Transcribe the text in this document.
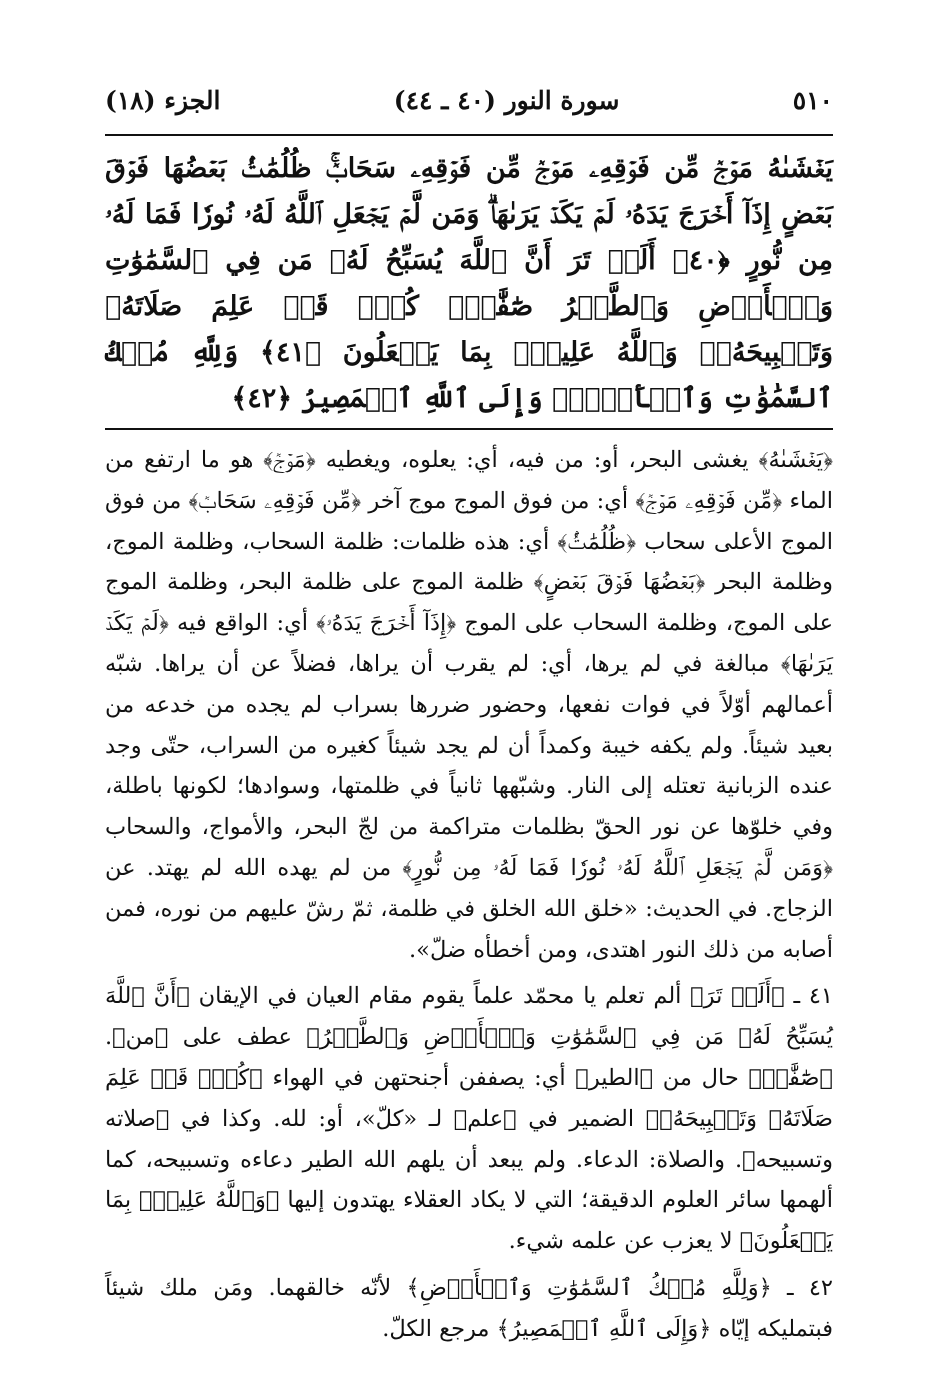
٥١٠
سورة النور (٤٠ ـ ٤٤)
الجزء (١٨)
يَغۡشَىٰهُ مَوۡجٞ مِّن فَوۡقِهِۦ مَوۡجٞ مِّن فَوۡقِهِۦ سَحَابٞۚ ظُلُمَٰتُۢ بَعۡضُهَا فَوۡقَ بَعۡضٍ إِذَآ أَخۡرَجَ يَدَهُۥ لَمۡ يَكَدۡ يَرَىٰهَاۗ وَمَن لَّمۡ يَجۡعَلِ ٱللَّهُ لَهُۥ نُورٗا فَمَا لَهُۥ مِن نُّورٍ ﴿٤٠﴾ أَلَمۡ تَرَ أَنَّ ٱللَّهَ يُسَبِّحُ لَهُۥ مَن فِي ٱلسَّمَٰوَٰتِ وَٱلۡأَرۡضِ وَٱلطَّيۡرُ صَٰٓفَّٰتٖۖ كُلّٞ قَدۡ عَلِمَ صَلَاتَهُۥ وَتَسۡبِيحَهُۥۗ وَٱللَّهُ عَلِيمُۢ بِمَا يَفۡعَلُونَ ﴿٤١﴾ وَلِلَّهِ مُلۡكُ ٱلسَّمَٰوَٰتِ وَٱلۡأَرۡضِۖ وَإِلَى ٱللَّهِ ٱلۡمَصِيرُ ﴿٤٢﴾

﴿يَغۡشَىٰهُ﴾ يغشى البحر، أو: من فيه، أي: يعلوه، ويغطيه ﴿مَوۡجٞ﴾ هو ما ارتفع من الماء ﴿مِّن فَوۡقِهِۦ مَوۡجٞ﴾ أي: من فوق الموج موج آخر ﴿مِّن فَوۡقِهِۦ سَحَابٞ﴾ من فوق الموج الأعلى سحاب ﴿ظُلُمَٰتُۢ﴾ أي: هذه ظلمات: ظلمة السحاب، وظلمة الموج، وظلمة البحر ﴿بَعۡضُهَا فَوۡقَ بَعۡضٍ﴾ ظلمة الموج على ظلمة البحر، وظلمة الموج على الموج، وظلمة السحاب على الموج ﴿إِذَآ أَخۡرَجَ يَدَهُۥ﴾ أي: الواقع فيه ﴿لَمۡ يَكَدۡ يَرَىٰهَا﴾ مبالغة في لم يرها، أي: لم يقرب أن يراها، فضلاً عن أن يراها. شبّه أعمالهم أوّلاً في فوات نفعها، وحضور ضررها بسراب لم يجده من خدعه من بعيد شيئاً. ولم يكفه خيبة وكمداً أن لم يجد شيئاً كغيره من السراب، حتّى وجد عنده الزبانية تعتله إلى النار. وشبّهها ثانياً في ظلمتها، وسوادها؛ لكونها باطلة، وفي خلوّها عن نور الحقّ بظلمات متراكمة من لجّ البحر، والأمواج، والسحاب ﴿وَمَن لَّمۡ يَجۡعَلِ ٱللَّهُ لَهُۥ نُورٗا فَمَا لَهُۥ مِن نُّورٍ﴾ من لم يهده الله لم يهتد. عن الزجاج. في الحديث: «خلق الله الخلق في ظلمة، ثمّ رشّ عليهم من نوره، فمن أصابه من ذلك النور اهتدى، ومن أخطأه ضلّ».

٤١ ـ ﴿أَلَمۡ تَرَ﴾ ألم تعلم يا محمّد علماً يقوم مقام العيان في الإيقان ﴿أَنَّ ٱللَّهَ يُسَبِّحُ لَهُۥ مَن فِي ٱلسَّمَٰوَٰتِ وَٱلۡأَرۡضِ وَٱلطَّيۡرُ﴾ عطف على ﴿من﴾. ﴿صَٰٓفَّٰتٖ﴾ حال من ﴿الطير﴾ أي: يصففن أجنحتهن في الهواء ﴿كُلّٞ قَدۡ عَلِمَ صَلَاتَهُۥ وَتَسۡبِيحَهُۥ﴾ الضمير في ﴿علم﴾ لـ «كلّ»، أو: لله. وكذا في ﴿صلاته وتسبيحه﴾. والصلاة: الدعاء. ولم يبعد أن يلهم الله الطير دعاءه وتسبيحه، كما ألهمها سائر العلوم الدقيقة؛ التي لا يكاد العقلاء يهتدون إليها ﴿وَٱللَّهُ عَلِيمُۢ بِمَا يَفۡعَلُونَ﴾ لا يعزب عن علمه شيء.

٤٢ ـ ﴿وَلِلَّهِ مُلۡكُ ٱلسَّمَٰوَٰتِ وَٱلۡأَرۡضِ﴾ لأنّه خالقهما. ومَن ملك شيئاً فبتمليكه إيّاه ﴿وَإِلَى ٱللَّهِ ٱلۡمَصِيرُ﴾ مرجع الكلّ.
